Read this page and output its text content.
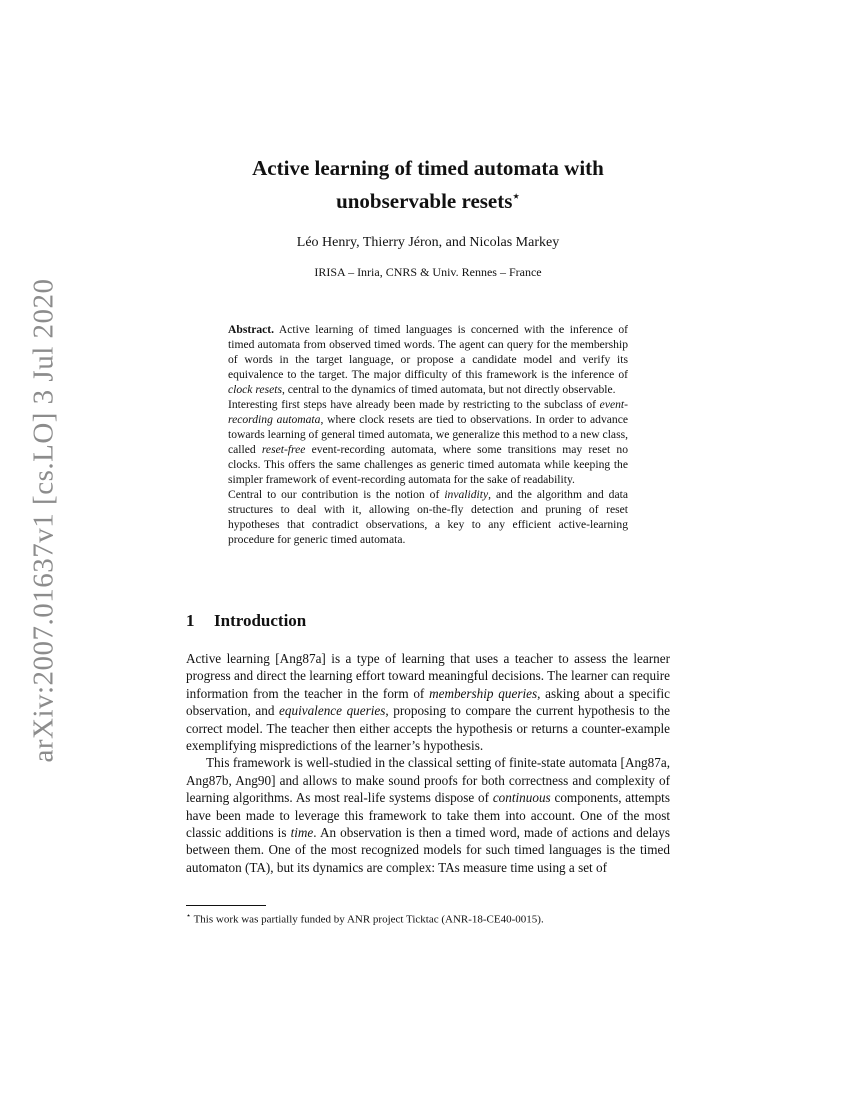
arXiv:2007.01637v1 [cs.LO] 3 Jul 2020
Active learning of timed automata with
unobservable resets⋆
Léo Henry, Thierry Jéron, and Nicolas Markey
IRISA – Inria, CNRS & Univ. Rennes – France

Abstract. Active learning of timed languages is concerned with the inference of timed automata from observed timed words. The agent can query for the membership of words in the target language, or propose a candidate model and verify its equivalence to the target. The major difficulty of this framework is the inference of clock resets, central to the dynamics of timed automata, but not directly observable.

Interesting first steps have already been made by restricting to the subclass of event-recording automata, where clock resets are tied to observations. In order to advance towards learning of general timed automata, we generalize this method to a new class, called reset-free event-recording automata, where some transitions may reset no clocks. This offers the same challenges as generic timed automata while keeping the simpler framework of event-recording automata for the sake of readability.

Central to our contribution is the notion of invalidity, and the algorithm and data structures to deal with it, allowing on-the-fly detection and pruning of reset hypotheses that contradict observations, a key to any efficient active-learning procedure for generic timed automata.

1 Introduction

Active learning [Ang87a] is a type of learning that uses a teacher to assess the learner progress and direct the learning effort toward meaningful decisions. The learner can require information from the teacher in the form of membership queries, asking about a specific observation, and equivalence queries, proposing to compare the current hypothesis to the correct model. The teacher then either accepts the hypothesis or returns a counter-example exemplifying mispredictions of the learner’s hypothesis.

This framework is well-studied in the classical setting of finite-state automata [Ang87a, Ang87b, Ang90] and allows to make sound proofs for both correctness and complexity of learning algorithms. As most real-life systems dispose of continuous components, attempts have been made to leverage this framework to take them into account. One of the most classic additions is time. An observation is then a timed word, made of actions and delays between them. One of the most recognized models for such timed languages is the timed automaton (TA), but its dynamics are complex: TAs measure time using a set of

⋆ This work was partially funded by ANR project Ticktac (ANR-18-CE40-0015).
